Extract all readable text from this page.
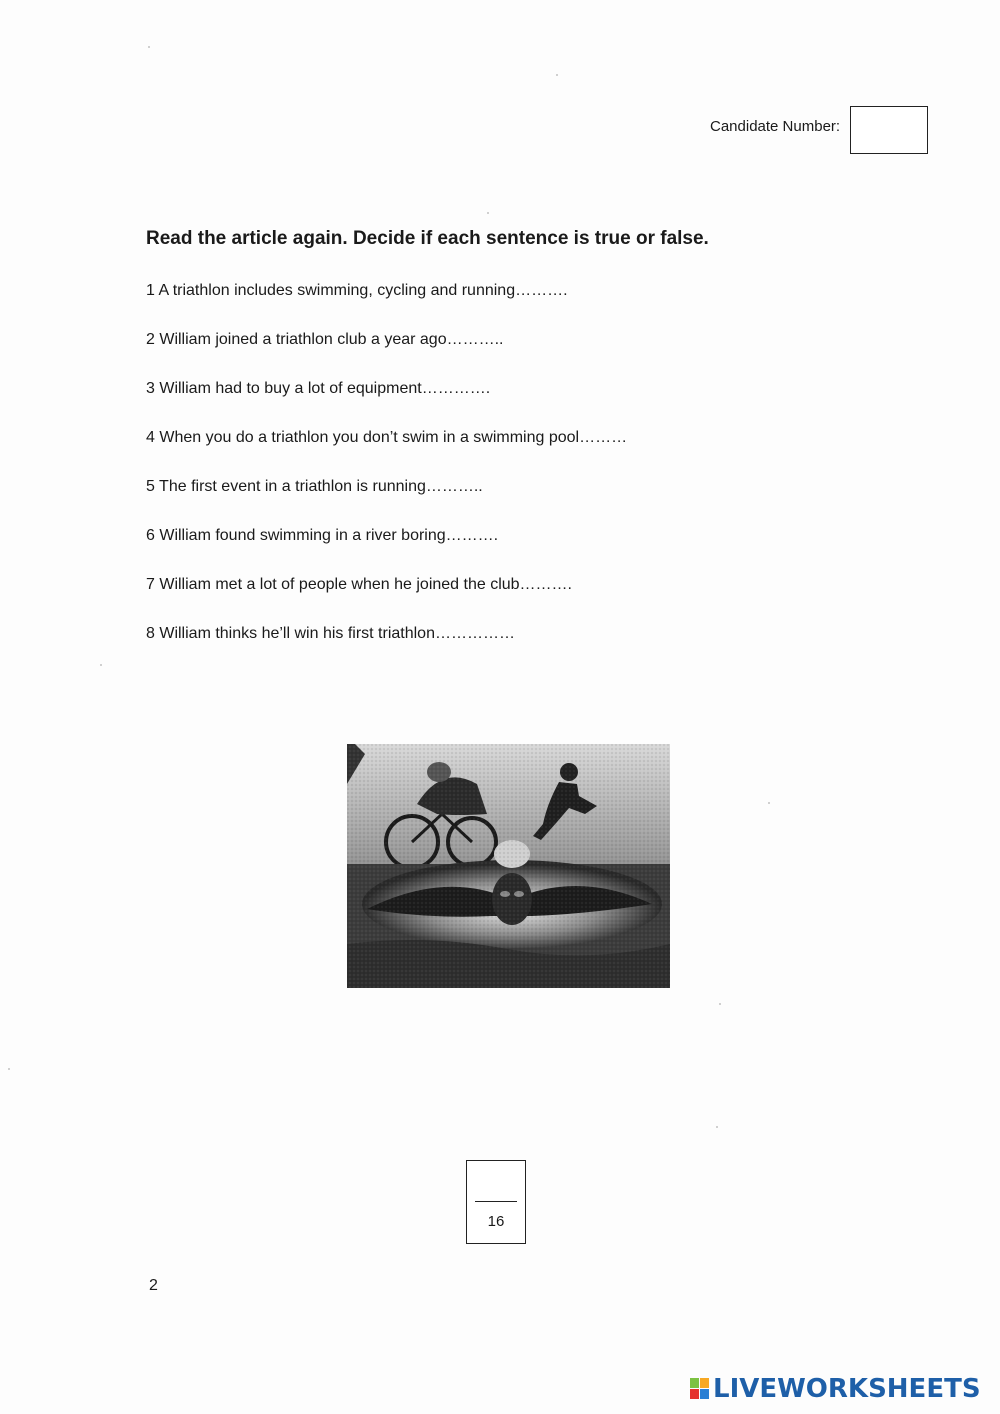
Candidate Number:
Read the article again. Decide if each sentence is true or false.
1 A triathlon includes swimming, cycling and running……….
2 William joined a triathlon club a year ago………..
3 William had to buy a lot of equipment………….
4 When you do a triathlon you don’t swim in a swimming pool………
5 The first event in a triathlon is running………..
6 William found swimming in a river boring……….
7 William met a lot of people when he joined the club……….
8 William thinks he’ll win his first triathlon……………
16
2
LIVEWORKSHEETS
